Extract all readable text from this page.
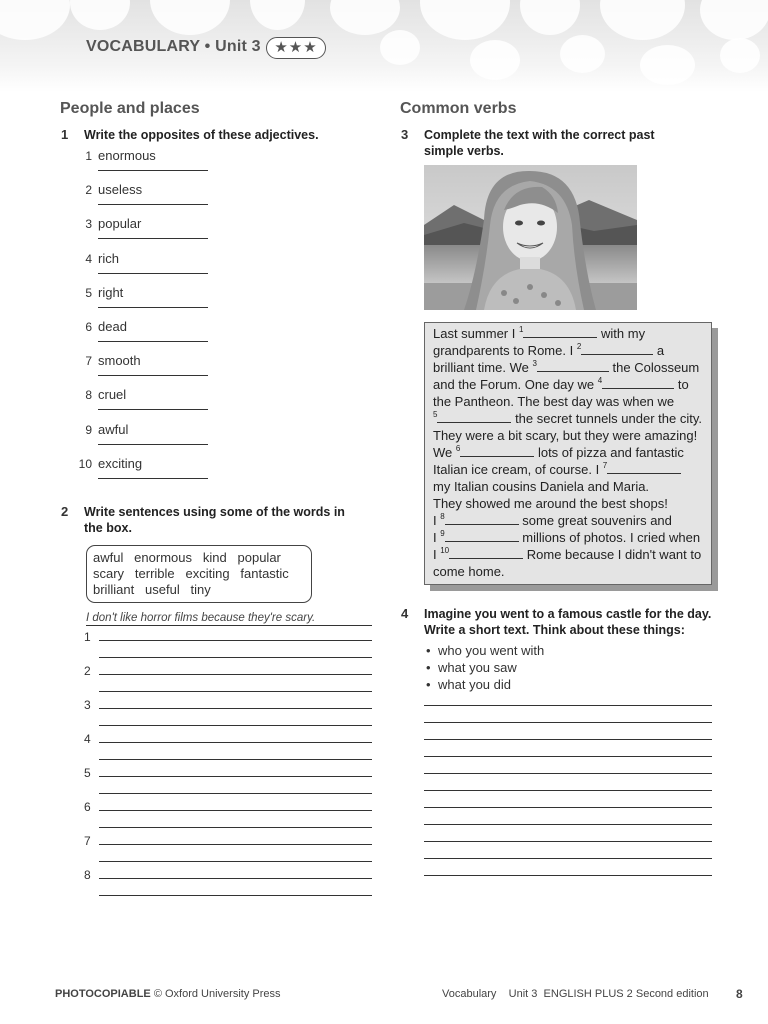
VOCABULARY • Unit 3 ★★★
People and places
1 Write the opposites of these adjectives.
1 enormous
2 useless
3 popular
4 rich
5 right
6 dead
7 smooth
8 cruel
9 awful
10 exciting
2 Write sentences using some of the words in
the box.
awful   enormous   kind   popular
scary   terrible   exciting   fantastic
brilliant   useful   tiny
I don't like horror films because they're scary.
1
2
3
4
5
6
7
8
Common verbs
3 Complete the text with the correct past
simple verbs.
Last summer I $^1$	with my
grandparents to Rome. I $^2$	a
brilliant time. We $^3$	the Colosseum
and the Forum. One day we $^4$	to
the Pantheon. The best day was when we
$^5$	the secret tunnels under the city.
They were a bit scary, but they were amazing!
We $^6$	lots of pizza and fantastic
Italian ice cream, of course. I $^7$
my Italian cousins Daniela and Maria.
They showed me around the best shops!
I $^8$	some great souvenirs and
I $^9$	millions of photos. I cried when
I $^{10}$	Rome because I didn't want to
come home.
4 Imagine you went to a famous castle for the day.
Write a short text. Think about these things:
• who you went with
• what you saw
• what you did
PHOTOCOPIABLE © Oxford University Press	Vocabulary Unit 3 ENGLISH PLUS 2 Second edition 8
